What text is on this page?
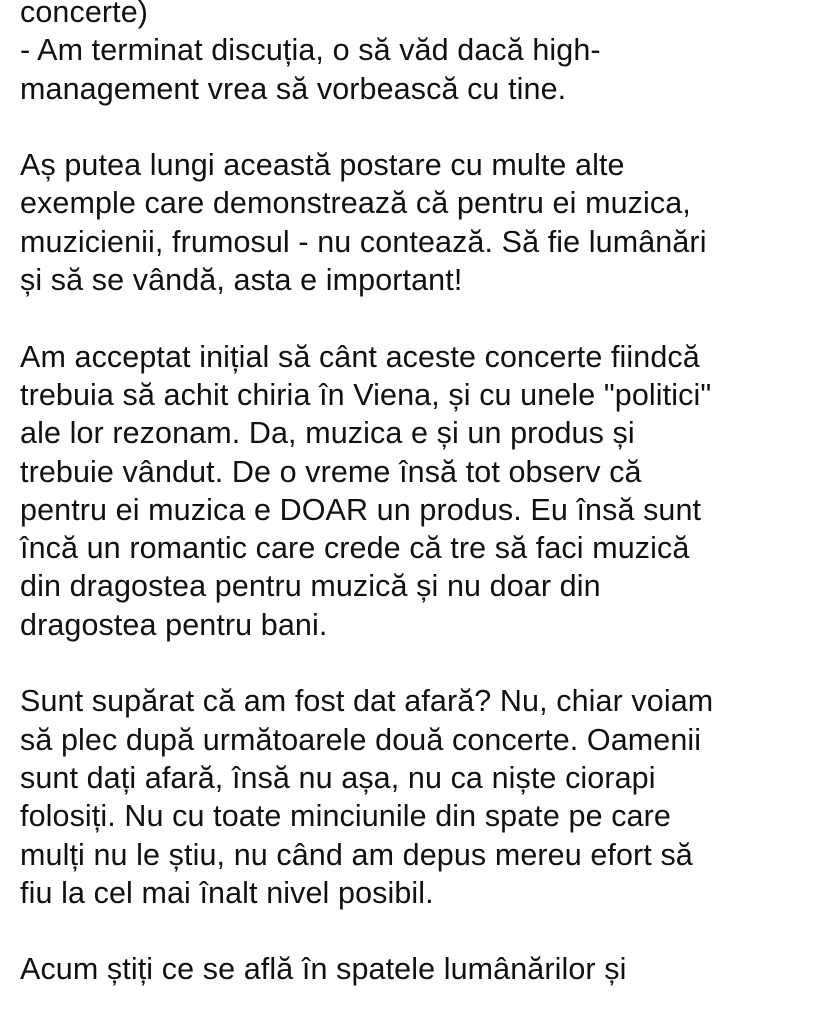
concerte)
- Am terminat discuția, o să văd dacă high-
management vrea să vorbească cu tine.
Aș putea lungi această postare cu multe alte
exemple care demonstrează că pentru ei muzica,
muzicienii, frumosul - nu contează. Să fie lumânări
și să se vândă, asta e important!
Am acceptat inițial să cânt aceste concerte fiindcă
trebuia să achit chiria în Viena, și cu unele "politici"
ale lor rezonam. Da, muzica e și un produs și
trebuie vândut. De o vreme însă tot observ că
pentru ei muzica e DOAR un produs. Eu însă sunt
încă un romantic care crede că tre să faci muzică
din dragostea pentru muzică și nu doar din
dragostea pentru bani.
Sunt supărat că am fost dat afară? Nu, chiar voiam
să plec după următoarele două concerte. Oamenii
sunt dați afară, însă nu așa, nu ca niște ciorapi
folosiți. Nu cu toate minciunile din spate pe care
mulți nu le știu, nu când am depus mereu efort să
fiu la cel mai înalt nivel posibil.
Acum știți ce se află în spatele lumânărilor și
